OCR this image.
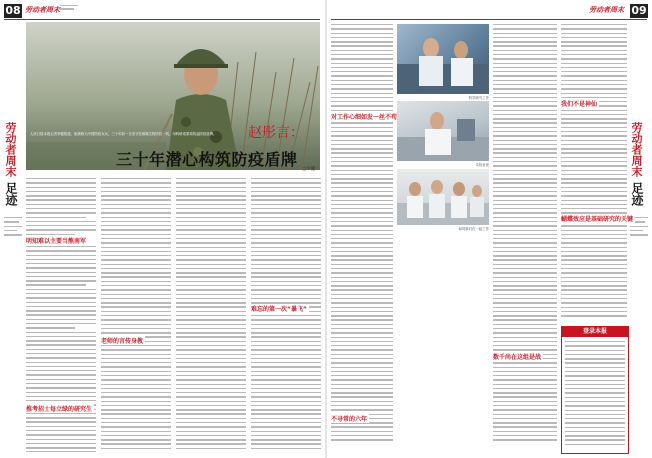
08 劳动者周末
劳动者周末
足迹
人民日报本报记者李健报道，她被称为中国防疫女兵，三十年如一日坚守在病媒生物防控一线，用科研成果构筑起防疫盾牌。	赵彤言：
三十年潜心构筑防疫盾牌
□李健
明知难以主要当熊南军
推考招士每立绿的研究生
老师的言传身教
难忘的第一次“暴飞”
09
劳动者周末
劳动者周末
足迹
对工作心细如发一丝不苟
不寻常的六年
科学研究工作
实验室里
和同事们在一起工作
数千尚在这组是战
我们不是神仙
蝴蝶效应是基础研究的关键
登录本报
